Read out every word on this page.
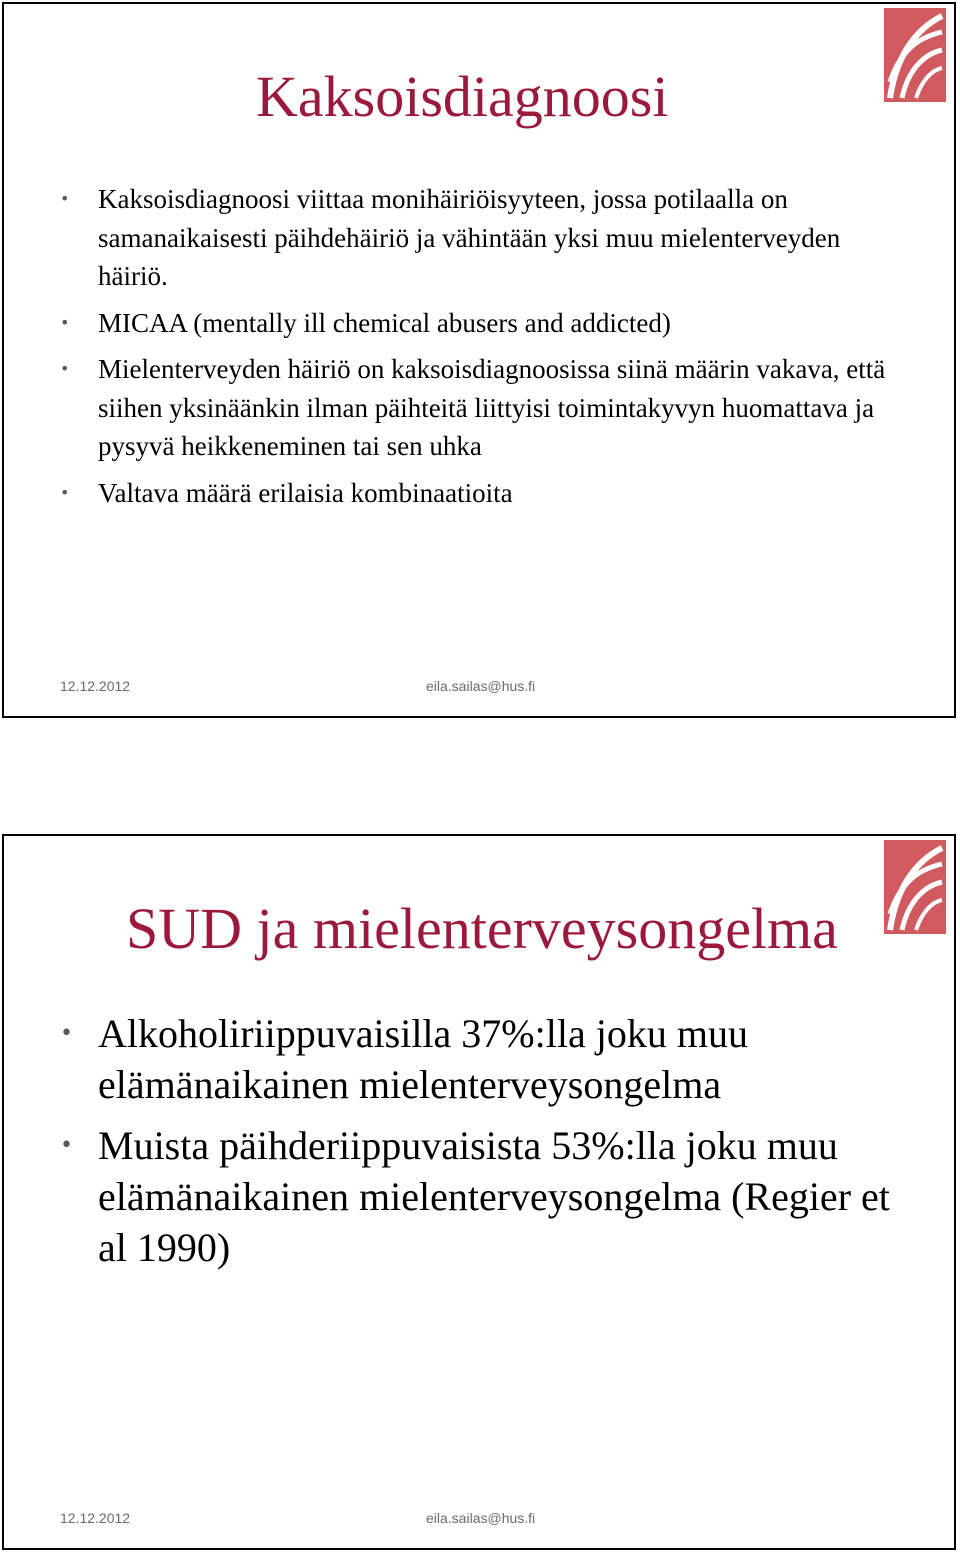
Kaksoisdiagnoosi
• Kaksoisdiagnoosi viittaa monihäiriöisyyteen, jossa potilaalla on samanaikaisesti päihdehäiriö ja vähintään yksi muu mielenterveyden häiriö.
• MICAA (mentally ill chemical abusers and addicted)
• Mielenterveyden häiriö on kaksoisdiagnoosissa siinä määrin vakava, että siihen yksinäänkin ilman päihteitä liittyisi toimintakyvyn huomattava ja pysyvä heikkeneminen tai sen uhka
• Valtava määrä erilaisia kombinaatioita
12.12.2012	eila.sailas@hus.fi
SUD ja mielenterveysongelma
• Alkoholiriippuvaisilla 37%:lla joku muu elämänaikainen mielenterveysongelma
• Muista päihderiippuvaisista 53%:lla joku muu elämänaikainen mielenterveysongelma (Regier et al 1990)
12.12.2012	eila.sailas@hus.fi
